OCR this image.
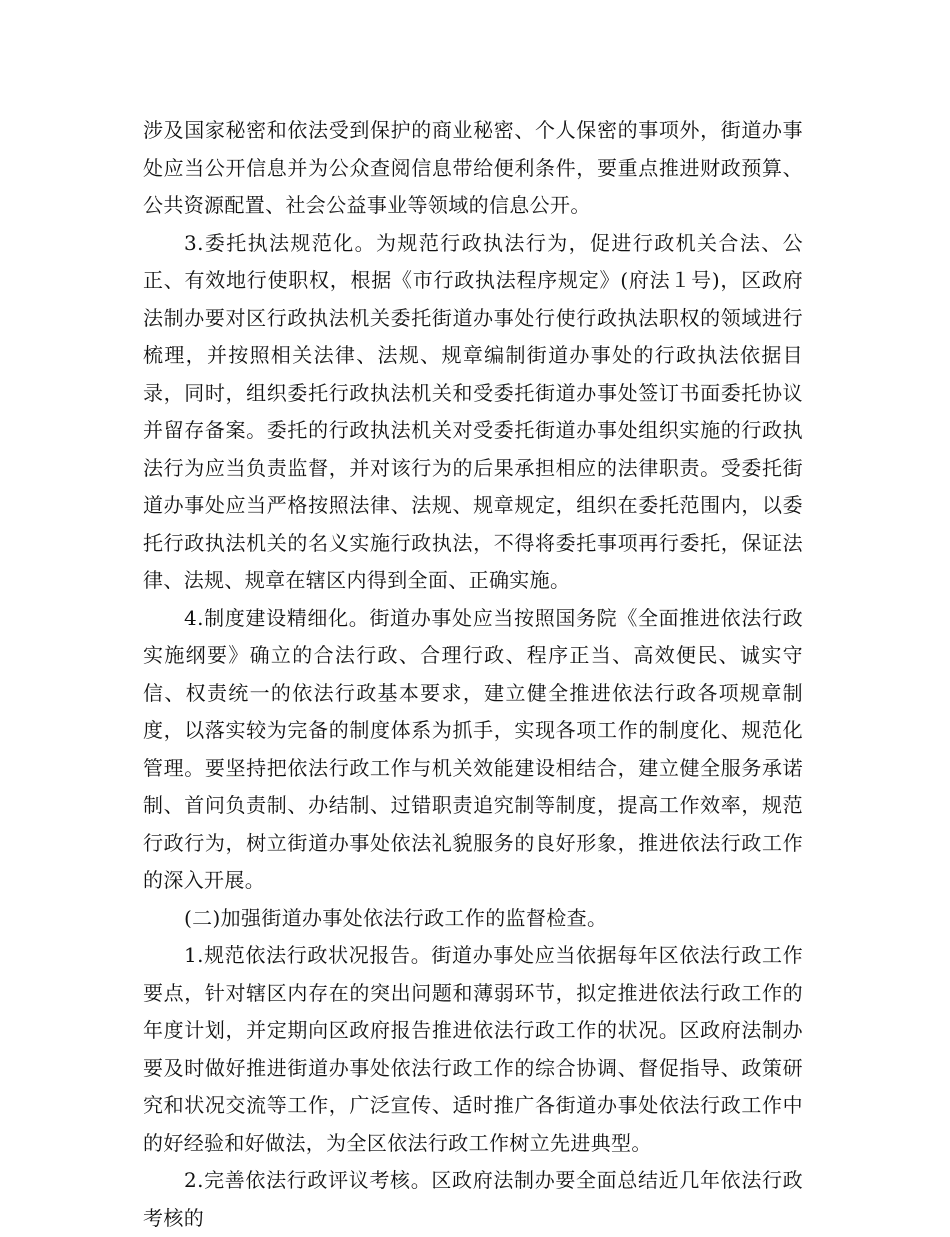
涉及国家秘密和依法受到保护的商业秘密、个人保密的事项外，街道办事处应当公开信息并为公众查阅信息带给便利条件，要重点推进财政预算、公共资源配置、社会公益事业等领域的信息公开。

3.委托执法规范化。为规范行政执法行为，促进行政机关合法、公正、有效地行使职权，根据《市行政执法程序规定》(府法１号)，区政府法制办要对区行政执法机关委托街道办事处行使行政执法职权的领域进行梳理，并按照相关法律、法规、规章编制街道办事处的行政执法依据目录，同时，组织委托行政执法机关和受委托街道办事处签订书面委托协议并留存备案。委托的行政执法机关对受委托街道办事处组织实施的行政执法行为应当负责监督，并对该行为的后果承担相应的法律职责。受委托街道办事处应当严格按照法律、法规、规章规定，组织在委托范围内，以委托行政执法机关的名义实施行政执法，不得将委托事项再行委托，保证法律、法规、规章在辖区内得到全面、正确实施。

4.制度建设精细化。街道办事处应当按照国务院《全面推进依法行政实施纲要》确立的合法行政、合理行政、程序正当、高效便民、诚实守信、权责统一的依法行政基本要求，建立健全推进依法行政各项规章制度，以落实较为完备的制度体系为抓手，实现各项工作的制度化、规范化管理。要坚持把依法行政工作与机关效能建设相结合，建立健全服务承诺制、首问负责制、办结制、过错职责追究制等制度，提高工作效率，规范行政行为，树立街道办事处依法礼貌服务的良好形象，推进依法行政工作的深入开展。

(二)加强街道办事处依法行政工作的监督检查。

1.规范依法行政状况报告。街道办事处应当依据每年区依法行政工作要点，针对辖区内存在的突出问题和薄弱环节，拟定推进依法行政工作的年度计划，并定期向区政府报告推进依法行政工作的状况。区政府法制办要及时做好推进街道办事处依法行政工作的综合协调、督促指导、政策研究和状况交流等工作，广泛宣传、适时推广各街道办事处依法行政工作中的好经验和好做法，为全区依法行政工作树立先进典型。

2.完善依法行政评议考核。区政府法制办要全面总结近几年依法行政考核的
